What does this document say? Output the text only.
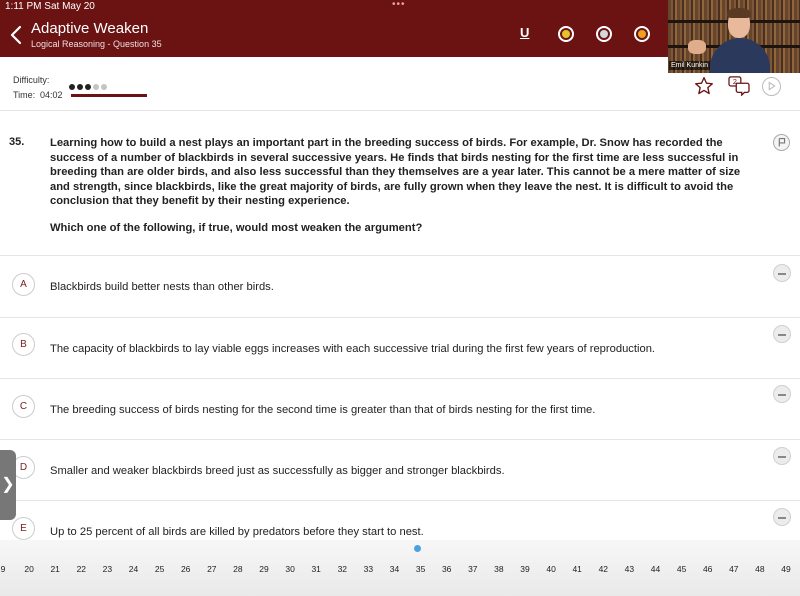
1:11 PM Sat May 20	•••
Adaptive Weaken
Logical Reasoning - Question 35
U
Emil Kunkin
Difficulty:
Time: 04:02
2
35. Learning how to build a nest plays an important part in the breeding success of birds. For example, Dr. Snow has recorded the success of a number of blackbirds in several successive years. He finds that birds nesting for the first time are less successful in breeding than are older birds, and also less successful than they themselves are a year later. This cannot be a mere matter of size and strength, since blackbirds, like the great majority of birds, are fully grown when they leave the nest. It is difficult to avoid the conclusion that they benefit by their nesting experience.
Which one of the following, if true, would most weaken the argument?
A	Blackbirds build better nests than other birds.
B	The capacity of blackbirds to lay viable eggs increases with each successive trial during the first few years of reproduction.
C	The breeding success of birds nesting for the second time is greater than that of birds nesting for the first time.
D	Smaller and weaker blackbirds breed just as successfully as bigger and stronger blackbirds.
E	Up to 25 percent of all birds are killed by predators before they start to nest.
❯
9	20	21	22	23	24	25	26	27	28	29	30	31	32	33	34	35	36	37	38	39	40	41	42	43	44	45	46	47	48	49
